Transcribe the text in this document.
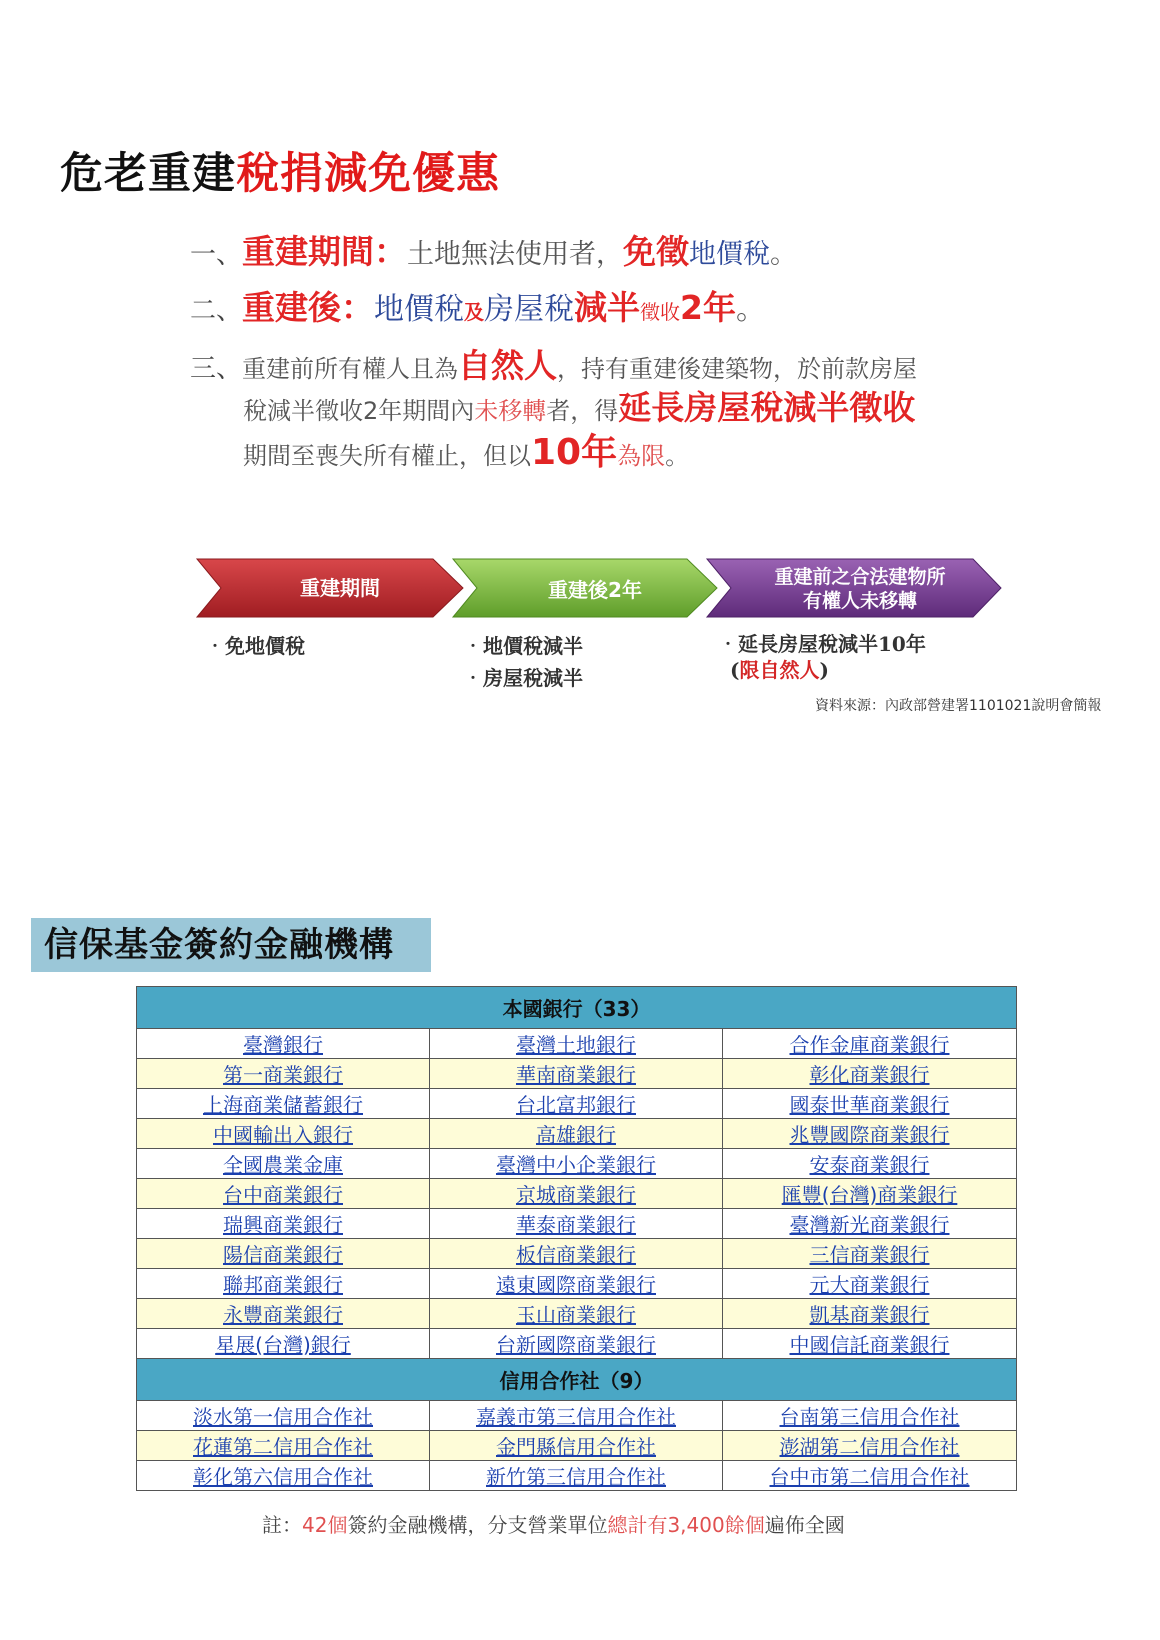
危老重建稅捐減免優惠
一、重建期間：土地無法使用者，免徵地價稅。
二、重建後：地價稅及房屋稅減半徵收2年。
三、重建前所有權人且為自然人，持有重建後建築物，於前款房屋
稅減半徵收2年期間內未移轉者，得延長房屋稅減半徵收
期間至喪失所有權止，但以10年為限。
重建期間	重建後2年
重建前之合法建物所
有權人未移轉
‧免地價稅	‧地價稅減半
‧房屋稅減半
‧延長房屋稅減半10年
(限自然人)
資料來源：內政部營建署1101021說明會簡報
信保基金簽約金融機構
本國銀行（33）		
臺灣銀行	臺灣土地銀行	合作金庫商業銀行
第一商業銀行	華南商業銀行	彰化商業銀行
上海商業儲蓄銀行	台北富邦銀行	國泰世華商業銀行
中國輸出入銀行	高雄銀行	兆豐國際商業銀行
全國農業金庫	臺灣中小企業銀行	安泰商業銀行
台中商業銀行	京城商業銀行	匯豐(台灣)商業銀行
瑞興商業銀行	華泰商業銀行	臺灣新光商業銀行
陽信商業銀行	板信商業銀行	三信商業銀行
聯邦商業銀行	遠東國際商業銀行	元大商業銀行
永豐商業銀行	玉山商業銀行	凱基商業銀行
星展(台灣)銀行	台新國際商業銀行	中國信託商業銀行
信用合作社（9）		
淡水第一信用合作社	嘉義市第三信用合作社	台南第三信用合作社
花蓮第二信用合作社	金門縣信用合作社	澎湖第二信用合作社
彰化第六信用合作社	新竹第三信用合作社	台中市第二信用合作社
註：42個簽約金融機構，分支營業單位總計有3,400餘個遍佈全國
